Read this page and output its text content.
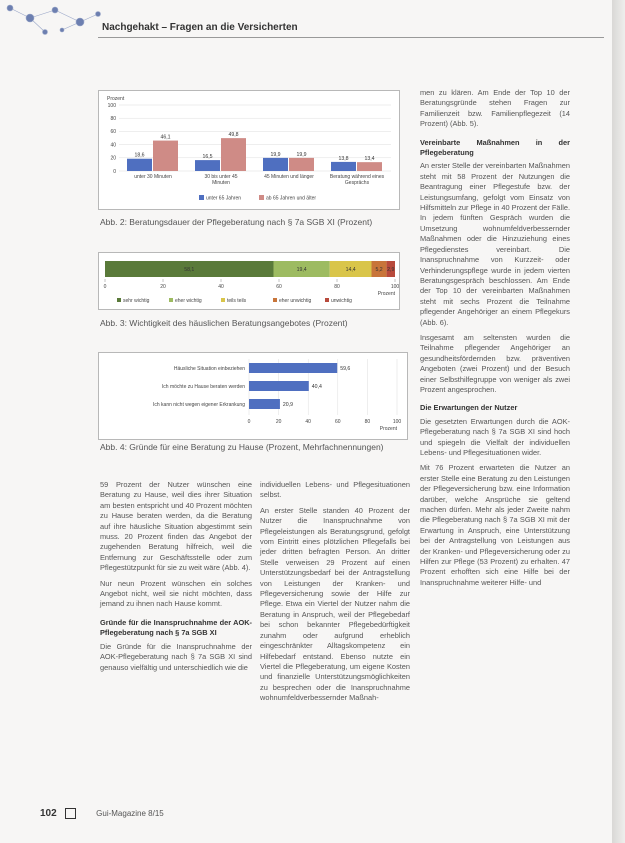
Nachgehakt – Fragen an die Versicherten
Prozent
0
20
40
60
80
100
18,6
46,1
unter 30 Minuten
16,5
49,8
30 bis unter 45
Minuten
19,9	19,9
45 Minuten und länger
13,8	13,4
Beratung während eines
Gesprächs
unter 65 Jahren	ab 65 Jahren und älter
Abb. 2: Beratungsdauer der Pflegeberatung nach § 7a SGB XI (Prozent)
58,1	19,4	14,4	5,2 2,9
0	20	40	60	80	100
Prozent
sehr wichtig	eher wichtig	teils teils	eher unwichtig	unwichtig
Abb. 3: Wichtigkeit des häuslichen Beratungsangebotes (Prozent)
0	20	40	60	80	100
Prozent
Häusliche Situation einbeziehen	59,6
Ich möchte zu Hause beraten werden	40,4
Ich kann nicht wegen eigener Erkrankung	20,9
Abb. 4: Gründe für eine Beratung zu Hause (Prozent, Mehrfachnennungen)

59 Prozent der Nutzer wünschen eine Beratung zu Hause, weil dies ihrer Situation am besten entspricht und 40 Prozent möchten zu Hause beraten werden, da die Beratung auf ihre häusliche Situation abgestimmt sein muss. 20 Prozent finden das Angebot der zugehenden Beratung hilfreich, weil die Entfernung zur Geschäftsstelle oder zum Pflegestützpunkt für sie zu weit wäre (Abb. 4).

Nur neun Prozent wünschen ein solches Angebot nicht, weil sie nicht möchten, dass jemand zu ihnen nach Hause kommt.

Gründe für die Inanspruchnahme der AOK-Pflegeberatung nach § 7a SGB XI

Die Gründe für die Inanspruchnahme der AOK-Pflegeberatung nach § 7a SGB XI sind genauso vielfältig und unterschiedlich wie die

individuellen Lebens- und Pflegesituationen selbst.

An erster Stelle standen 40 Prozent der Nutzer die Inanspruchnahme von Pflegeleistungen als Beratungsgrund, gefolgt vom Eintritt eines plötzlichen Pflegefalls bei jeder dritten befragten Person. An dritter Stelle verweisen 29 Prozent auf einen Unterstützungsbedarf bei der Antragstellung von Leistungen der Kranken- und Pflegeversicherung sowie der Hilfe zur Pflege. Etwa ein Viertel der Nutzer nahm die Beratung in Anspruch, weil der Pflegebedarf bei schon bekannter Pflegebedürftigkeit zunahm oder aufgrund erheblich eingeschränkter Alltagskompetenz ein Hilfebedarf entstand. Ebenso nutzte ein Viertel die Pflegeberatung, um eigene Kosten und finanzielle Unterstützungsmöglichkeiten zu besprechen oder die Inanspruchnahme wohnumfeldverbessernder Maßnah-

men zu klären. Am Ende der Top 10 der Beratungsgründe stehen Fragen zur Familienzeit bzw. Familienpflegezeit (14 Prozent) (Abb. 5).

Vereinbarte Maßnahmen in der Pflegeberatung

An erster Stelle der vereinbarten Maßnahmen steht mit 58 Prozent der Nutzungen die Beantragung einer Pflegestufe bzw. der Leistungsumfang, gefolgt vom Einsatz von Hilfsmitteln zur Pflege in 40 Prozent der Fälle. In jedem fünften Gespräch wurden die Umsetzung wohnumfeldverbessernder Maßnahmen oder die Hinzuziehung eines Pflegedienstes vereinbart. Die Inanspruchnahme von Kurzzeit- oder Verhinderungspflege wurde in jedem vierten Beratungsgespräch beschlossen. Am Ende der Top 10 der vereinbarten Maßnahmen steht mit sechs Prozent die Teilnahme pflegender Angehöriger an einem Pflegekurs (Abb. 6).

Insgesamt am seltensten wurden die Teilnahme pflegender Angehöriger an gesundheitsfördernden bzw. präventiven Angeboten (zwei Prozent) und der Besuch einer Selbsthilfegruppe von weniger als zwei Prozent angesprochen.

Die Erwartungen der Nutzer

Die gesetzten Erwartungen durch die AOK-Pflegeberatung nach § 7a SGB XI sind hoch und spiegeln die Vielfalt der individuellen Lebens- und Pflegesituationen wider.

Mit 76 Prozent erwarteten die Nutzer an erster Stelle eine Beratung zu den Leistungen der Pflegeversicherung bzw. eine Information darüber, welche Ansprüche sie geltend machen dürfen. Mehr als jeder Zweite nahm die Pflegeberatung nach § 7a SGB XI mit der Erwartung in Anspruch, eine Unterstützung bei der Antragstellung von Leistungen aus der Kranken- und Pflegeversicherung oder zu Hilfen zur Pflege (53 Prozent) zu erhalten. 47 Prozent erhofften sich eine Hilfe bei der Inanspruchnahme weiterer Hilfe- und

102	Gui-Magazine 8/15
